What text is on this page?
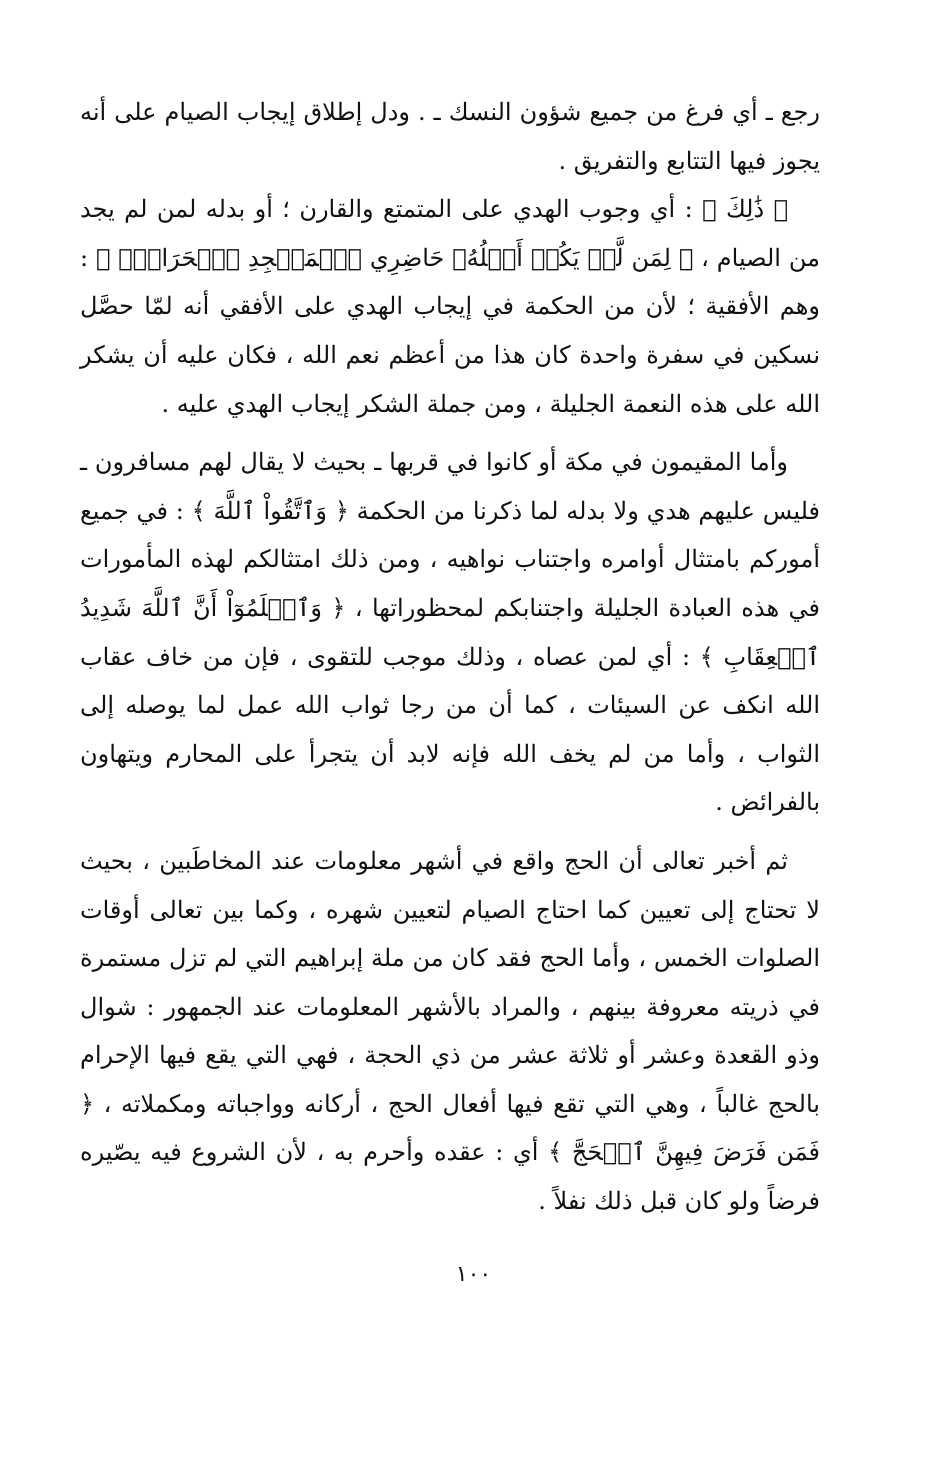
رجع ـ أي فرغ من جميع شؤون النسك ـ . ودل إطلاق إيجاب الصيام على أنه يجوز فيها التتابع والتفريق .

﴿ ذَٰلِكَ ﴾ : أي وجوب الهدي على المتمتع والقارن ؛ أو بدله لمن لم يجد من الصيام ، ﴿ لِمَن لَّمۡ يَكُنۡ أَهۡلُهُۥ حَاضِرِي ٱلۡمَسۡجِدِ ٱلۡحَرَامِۚ ﴾ : وهم الأفقية ؛ لأن من الحكمة في إيجاب الهدي على الأفقي أنه لمّا حصَّل نسكين في سفرة واحدة كان هذا من أعظم نعم الله ، فكان عليه أن يشكر الله على هذه النعمة الجليلة ، ومن جملة الشكر إيجاب الهدي عليه .

وأما المقيمون في مكة أو كانوا في قربها ـ بحيث لا يقال لهم مسافرون ـ فليس عليهم هدي ولا بدله لما ذكرنا من الحكمة ﴿ وَٱتَّقُواْ ٱللَّهَ ﴾ : في جميع أموركم بامتثال أوامره واجتناب نواهيه ، ومن ذلك امتثالكم لهذه المأمورات في هذه العبادة الجليلة واجتنابكم لمحظوراتها ، ﴿ وَٱعۡلَمُوٓاْ أَنَّ ٱللَّهَ شَدِيدُ ٱلۡعِقَابِ ﴾ : أي لمن عصاه ، وذلك موجب للتقوى ، فإن من خاف عقاب الله انكف عن السيئات ، كما أن من رجا ثواب الله عمل لما يوصله إلى الثواب ، وأما من لم يخف الله فإنه لابد أن يتجرأ على المحارم ويتهاون بالفرائض .

ثم أخبر تعالى أن الحج واقع في أشهر معلومات عند المخاطَبين ، بحيث لا تحتاج إلى تعيين كما احتاج الصيام لتعيين شهره ، وكما بين تعالى أوقات الصلوات الخمس ، وأما الحج فقد كان من ملة إبراهيم التي لم تزل مستمرة في ذريته معروفة بينهم ، والمراد بالأشهر المعلومات عند الجمهور : شوال وذو القعدة وعشر أو ثلاثة عشر من ذي الحجة ، فهي التي يقع فيها الإحرام بالحج غالباً ، وهي التي تقع فيها أفعال الحج ، أركانه وواجباته ومكملاته ، ﴿ فَمَن فَرَضَ فِيهِنَّ ٱلۡحَجَّ ﴾ أي : عقده وأحرم به ، لأن الشروع فيه يصّيره فرضاً ولو كان قبل ذلك نفلاً .

١٠٠
